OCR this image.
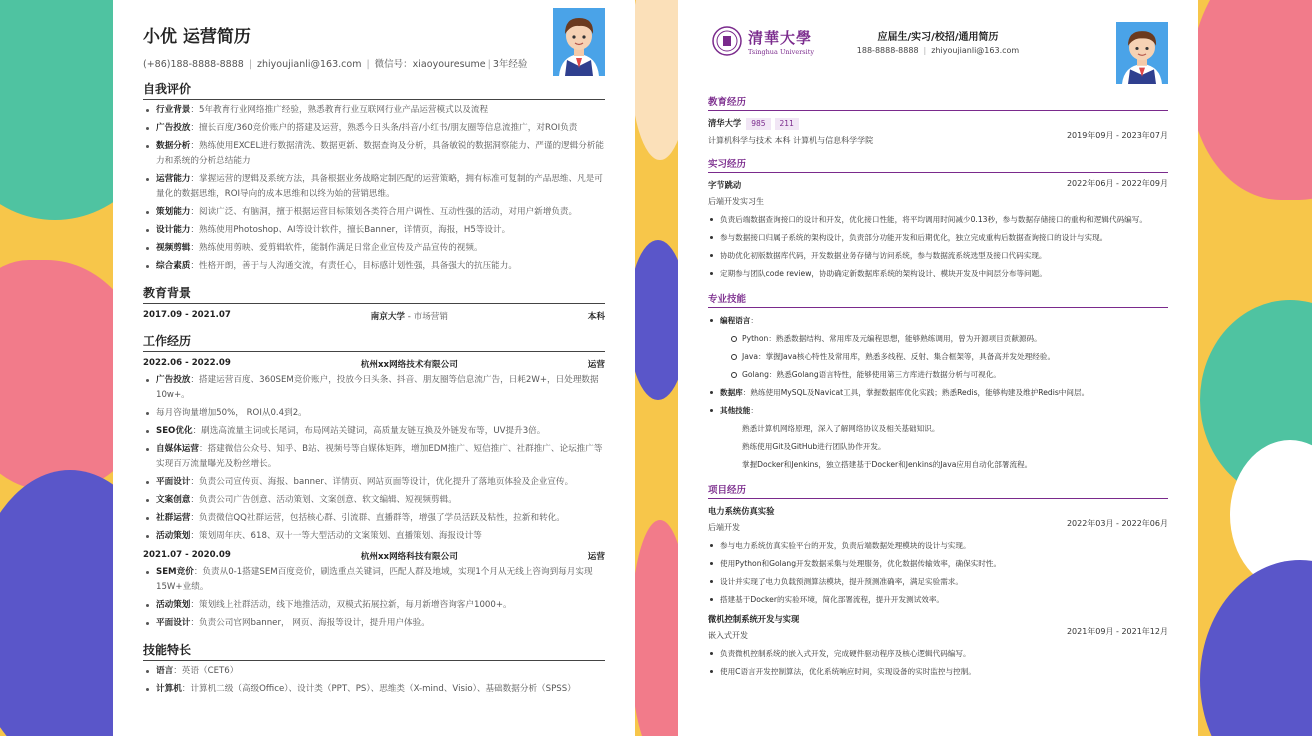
小优 运营简历
(+86)188-8888-8888 | zhiyoujianli@163.com | 微信号：xiaoyouresume | 3年经验
自我评价
行业背景：5年教育行业网络推广经验，熟悉教育行业互联网行业产品运营模式以及流程
广告投放：擅长百度/360竞价账户的搭建及运营，熟悉今日头条/抖音/小红书/朋友圈等信息流推广，对ROI负责
数据分析：熟练使用EXCEL进行数据清洗、数据更新、数据查询及分析，具备敏锐的数据洞察能力、严谨的逻辑分析能力和系统的分析总结能力
运营能力：掌握运营的逻辑及系统方法，具备根据业务战略定制匹配的运营策略，拥有标准可复制的产品思维、凡是可量化的数据思维，ROI导向的成本思维和以终为始的营销思维。
策划能力：阅读广泛、有脑洞，擅于根据运营目标策划各类符合用户调性、互动性强的活动，对用户新增负责。
设计能力：熟练使用Photoshop、AI等设计软件，擅长Banner，详情页，海报，H5等设计。
视频剪辑：熟练使用剪映、爱剪辑软件，能制作满足日常企业宣传及产品宣传的视频。
综合素质：性格开朗，善于与人沟通交流，有责任心，目标感计划性强，具备强大的抗压能力。
教育背景
2017.09 - 2021.07	南京大学 - 市场营销	本科
工作经历
2022.06 - 2022.09	杭州xx网络技术有限公司	运营
广告投放：搭建运营百度、360SEM竞价账户，投放今日头条、抖音、朋友圈等信息流广告，日耗2W+，日处理数据10w+。
每月咨询量增加50%， ROI从0.4到2。
SEO优化：刷选高流量主词或长尾词，布局网站关键词，高质量友链互换及外链发布等，UV提升3倍。
自媒体运营：搭建微信公众号、知乎、B站、视频号等自媒体矩阵，增加EDM推广、短信推广、社群推广、论坛推广等实现百万流量曝光及粉丝增长。
平面设计：负责公司宣传页、海报、banner、详情页、网站页面等设计，优化提升了落地页体验及企业宣传。
文案创意：负责公司广告创意、活动策划、文案创意、软文编辑、短视频剪辑。
社群运营：负责微信QQ社群运营，包括核心群、引流群、直播群等，增强了学员活跃及粘性，拉新和转化。
活动策划：策划周年庆、618、双十一等大型活动的文案策划、直播策划、海报设计等
2021.07 - 2020.09	杭州xx网络科技有限公司	运营
SEM竞价：负责从0-1搭建SEM百度竞价，刷选重点关键词，匹配人群及地域，实现1个月从无线上咨询到每月实现15W+业绩。
活动策划：策划线上社群活动，线下地推活动，双模式拓展拉新，每月新增咨询客户1000+。
平面设计：负责公司官网banner， 网页、海报等设计，提升用户体验。
技能特长
语言：英语（CET6）
计算机：计算机二级（高级Office）、设计类（PPT、PS）、思维类（X-mind、Visio）、基础数据分析（SPSS）
清華大學
Tsinghua University
应届生/实习/校招/通用简历
188-8888-8888 | zhiyoujianli@163.com
教育经历
清华大学 985 211
计算机科学与技术 本科 计算机与信息科学学院
2019年09月 - 2023年07月
实习经历
字节跳动
后端开发实习生
2022年06月 - 2022年09月
负责后端数据查询接口的设计和开发，优化接口性能，将平均调用时间减少0.13秒，参与数据存储接口的重构和逻辑代码编写。
参与数据接口归属子系统的架构设计，负责部分功能开发和后期优化，独立完成重构后数据查询接口的设计与实现。
协助优化初版数据库代码，开发数据业务存储与访问系统，参与数据流系统选型及接口代码实现。
定期参与团队code review，协助确定新数据库系统的架构设计、模块开发及中间层分布等问题。
专业技能
编程语言：
Python：熟悉数据结构、常用库及元编程思想，能够熟练调用，曾为开源项目贡献源码。
Java：掌握Java核心特性及常用库，熟悉多线程、反射、集合框架等，具备高并发处理经验。
Golang：熟悉Golang语言特性，能够使用第三方库进行数据分析与可视化。
数据库：熟练使用MySQL及Navicat工具，掌握数据库优化实践；熟悉Redis，能够构建及维护Redis中间层。
其他技能：
熟悉计算机网络原理，深入了解网络协议及相关基础知识。
熟练使用Git及GitHub进行团队协作开发。
掌握Docker和Jenkins，独立搭建基于Docker和Jenkins的Java应用自动化部署流程。
项目经历
电力系统仿真实验
后端开发	2022年03月 - 2022年06月
参与电力系统仿真实验平台的开发，负责后端数据处理模块的设计与实现。
使用Python和Golang开发数据采集与处理服务，优化数据传输效率，确保实时性。
设计并实现了电力负载预测算法模块，提升预测准确率，满足实验需求。
搭建基于Docker的实验环境，简化部署流程，提升开发测试效率。
微机控制系统开发与实现
嵌入式开发	2021年09月 - 2021年12月
负责微机控制系统的嵌入式开发，完成硬件驱动程序及核心逻辑代码编写。
使用C语言开发控制算法，优化系统响应时间，实现设备的实时监控与控制。
